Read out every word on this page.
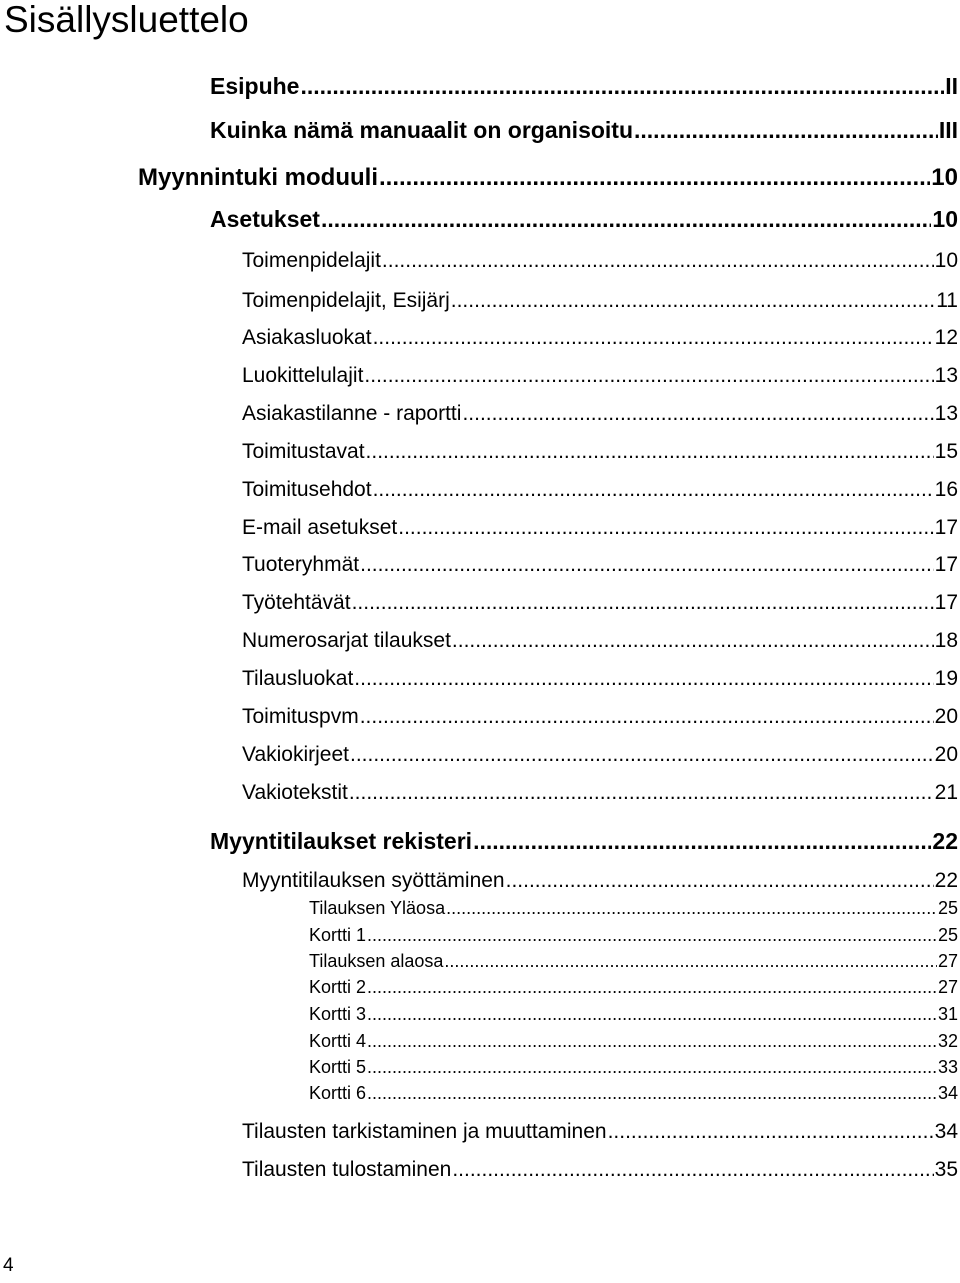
Sisällysluettelo
Esipuhe .....	II
Kuinka nämä manuaalit on organisoitu .....	III
Myynnintuki moduuli .....	10
Asetukset .....	10
Toimenpidelajit .....	10
Toimenpidelajit, Esijärj .....	11
Asiakasluokat .....	12
Luokittelulajit .....	13
Asiakastilanne - raportti .....	13
Toimitustavat .....	15
Toimitusehdot .....	16
E-mail asetukset .....	17
Tuoteryhmät .....	17
Työtehtävät .....	17
Numerosarjat tilaukset .....	18
Tilausluokat .....	19
Toimituspvm .....	20
Vakiokirjeet .....	20
Vakiotekstit .....	21
Myyntitilaukset rekisteri .....	22
Myyntitilauksen syöttäminen .....	22
Tilauksen Yläosa .....	25
Kortti 1 .....	25
Tilauksen alaosa .....	27
Kortti 2 .....	27
Kortti 3 .....	31
Kortti 4 .....	32
Kortti 5 .....	33
Kortti 6 .....	34
Tilausten tarkistaminen ja muuttaminen .....	34
Tilausten tulostaminen .....	35
4
